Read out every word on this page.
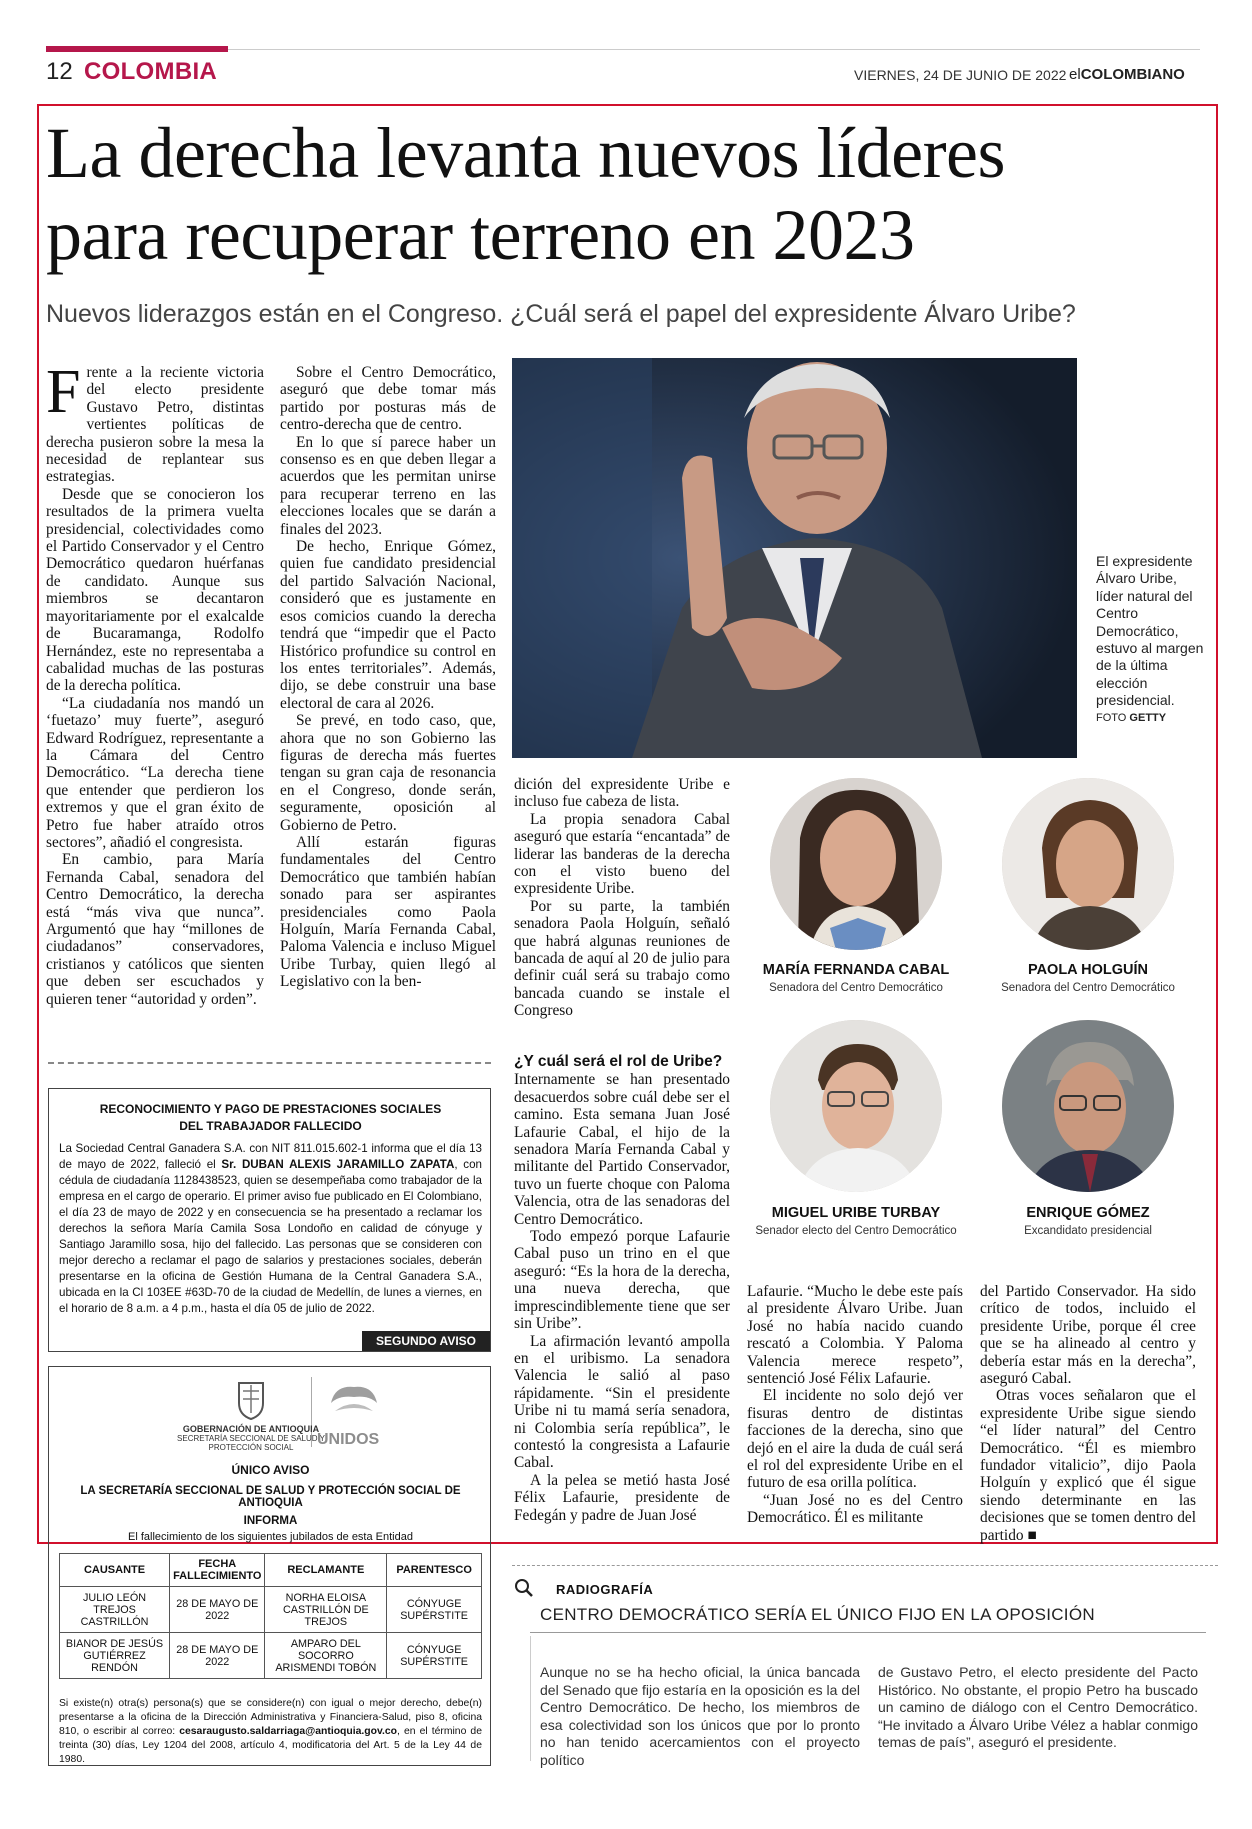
12 COLOMBIA	VIERNES, 24 DE JUNIO DE 2022 elCOLOMBIANO
La derecha levanta nuevos líderes
para recuperar terreno en 2023
Nuevos liderazgos están en el Congreso. ¿Cuál será el papel del expresidente Álvaro Uribe?

Frente a la reciente victoria del electo presidente Gustavo Petro, distintas vertientes políticas de derecha pusieron sobre la mesa la necesidad de replantear sus estrategias.

Desde que se conocieron los resultados de la primera vuelta presidencial, colectividades como el Partido Conservador y el Centro Democrático quedaron huérfanas de candidato. Aunque sus miembros se decantaron mayoritariamente por el exalcalde de Bucaramanga, Rodolfo Hernández, este no representaba a cabalidad muchas de las posturas de la derecha política.

“La ciudadanía nos mandó un ‘fuetazo’ muy fuerte”, aseguró Edward Rodríguez, representante a la Cámara del Centro Democrático. “La derecha tiene que entender que perdieron los extremos y que el gran éxito de Petro fue haber atraído otros sectores”, añadió el congresista.

En cambio, para María Fernanda Cabal, senadora del Centro Democrático, la derecha está “más viva que nunca”. Argumentó que hay “millones de ciudadanos” conservadores, cristianos y católicos que sienten que deben ser escuchados y quieren tener “autoridad y orden”.

Sobre el Centro Democrático, aseguró que debe tomar más partido por posturas más de centro-derecha que de centro.

En lo que sí parece haber un consenso es en que deben llegar a acuerdos que les permitan unirse para recuperar terreno en las elecciones locales que se darán a finales del 2023.

De hecho, Enrique Gómez, quien fue candidato presidencial del partido Salvación Nacional, consideró que es justamente en esos comicios cuando la derecha tendrá que “impedir que el Pacto Histórico profundice su control en los entes territoriales”. Además, dijo, se debe construir una base electoral de cara al 2026.

Se prevé, en todo caso, que, ahora que no son Gobierno las figuras de derecha más fuertes tengan su gran caja de resonancia en el Congreso, donde serán, seguramente, oposición al Gobierno de Petro.

Allí estarán figuras fundamentales del Centro Democrático que también habían sonado para ser aspirantes presidenciales como Paola Holguín, María Fernanda Cabal, Paloma Valencia e incluso Miguel Uribe Turbay, quien llegó al Legislativo con la ben-

El expresidente Álvaro Uribe, líder natural del Centro Democrático, estuvo al margen de la última elección presidencial.
FOTO GETTY

dición del expresidente Uribe e incluso fue cabeza de lista.

La propia senadora Cabal aseguró que estaría “encantada” de liderar las banderas de la derecha con el visto bueno del expresidente Uribe.

Por su parte, la también senadora Paola Holguín, señaló que habrá algunas reuniones de bancada de aquí al 20 de julio para definir cuál será su trabajo como bancada cuando se instale el Congreso

¿Y cuál será el rol de Uribe?

Internamente se han presentado desacuerdos sobre cuál debe ser el camino. Esta semana Juan José Lafaurie Cabal, el hijo de la senadora María Fernanda Cabal y militante del Partido Conservador, tuvo un fuerte choque con Paloma Valencia, otra de las senadoras del Centro Democrático.

Todo empezó porque Lafaurie Cabal puso un trino en el que aseguró: “Es la hora de la derecha, una nueva derecha, que imprescindiblemente tiene que ser sin Uribe”.

La afirmación levantó ampolla en el uribismo. La senadora Valencia le salió al paso rápidamente. “Sin el presidente Uribe ni tu mamá sería senadora, ni Colombia sería república”, le contestó la congresista a Lafaurie Cabal.

A la pelea se metió hasta José Félix Lafaurie, presidente de Fedegán y padre de Juan José

Lafaurie. “Mucho le debe este país al presidente Álvaro Uribe. Juan José no había nacido cuando rescató a Colombia. Y Paloma Valencia merece respeto”, sentenció José Félix Lafaurie.

El incidente no solo dejó ver fisuras dentro de distintas facciones de la derecha, sino que dejó en el aire la duda de cuál será el rol del expresidente Uribe en el futuro de esa orilla política.

“Juan José no es del Centro Democrático. Él es militante

del Partido Conservador. Ha sido crítico de todos, incluido el presidente Uribe, porque él cree que se ha alineado al centro y debería estar más en la derecha”, aseguró Cabal.

Otras voces señalaron que el expresidente Uribe sigue siendo “el líder natural” del Centro Democrático. “Él es miembro fundador vitalicio”, dijo Paola Holguín y explicó que él sigue siendo determinante en las decisiones que se tomen dentro del partido ■

MARÍA FERNANDA CABAL
Senadora del Centro Democrático
PAOLA HOLGUÍN
Senadora del Centro Democrático
MIGUEL URIBE TURBAY
Senador electo del Centro Democrático
ENRIQUE GÓMEZ
Excandidato presidencial
RECONOCIMIENTO Y PAGO DE PRESTACIONES SOCIALES
DEL TRABAJADOR FALLECIDO
La Sociedad Central Ganadera S.A. con NIT 811.015.602-1 informa que el día 13 de mayo de 2022, falleció el Sr. DUBAN ALEXIS JARAMILLO ZAPATA, con cédula de ciudadanía 1128438523, quien se desempeñaba como trabajador de la empresa en el cargo de operario. El primer aviso fue publicado en El Colombiano, el día 23 de mayo de 2022 y en consecuencia se ha presentado a reclamar los derechos la señora María Camila Sosa Londoño en calidad de cónyuge y Santiago Jaramillo sosa, hijo del fallecido. Las personas que se consideren con mejor derecho a reclamar el pago de salarios y prestaciones sociales, deberán presentarse en la oficina de Gestión Humana de la Central Ganadera S.A., ubicada en la Cl 103EE #63D-70 de la ciudad de Medellín, de lunes a viernes, en el horario de 8 a.m. a 4 p.m., hasta el día 05 de julio de 2022.
SEGUNDO AVISO
GOBERNACIÓN DE ANTIOQUIA
SECRETARÍA SECCIONAL DE SALUD Y PROTECCIÓN SOCIAL	UNIDOS
ÚNICO AVISO
LA SECRETARÍA SECCIONAL DE SALUD Y PROTECCIÓN SOCIAL DE ANTIOQUIA
INFORMA
El fallecimiento de los siguientes jubilados de esta Entidad
CAUSANTE	FECHA FALLECIMIENTO	RECLAMANTE	PARENTESCO
JULIO LEÓN TREJOS CASTRILLÓN	28 DE MAYO DE 2022	NORHA ELOISA CASTRILLÓN DE TREJOS	CÓNYUGE SUPÉRSTITE
BIANOR DE JESÚS GUTIÉRREZ RENDÓN	28 DE MAYO DE 2022	AMPARO DEL SOCORRO ARISMENDI TOBÓN	CÓNYUGE SUPÉRSTITE
Si existe(n) otra(s) persona(s) que se considere(n) con igual o mejor derecho, debe(n) presentarse a la oficina de la Dirección Administrativa y Financiera-Salud, piso 8, oficina 810, o escribir al correo: cesaraugusto.saldarriaga@antioquia.gov.co, en el término de treinta (30) días, Ley 1204 del 2008, artículo 4, modificatoria del Art. 5 de la Ley 44 de 1980.
RADIOGRAFÍA
CENTRO DEMOCRÁTICO SERÍA EL ÚNICO FIJO EN LA OPOSICIÓN
Aunque no se ha hecho oficial, la única bancada del Senado que fijo estaría en la oposición es la del Centro Democrático. De hecho, los miembros de esa colectividad son los únicos que por lo pronto no han tenido acercamientos con el proyecto político
de Gustavo Petro, el electo presidente del Pacto Histórico. No obstante, el propio Petro ha buscado un camino de diálogo con el Centro Democrático. “He invitado a Álvaro Uribe Vélez a hablar conmigo temas de país”, aseguró el presidente.
